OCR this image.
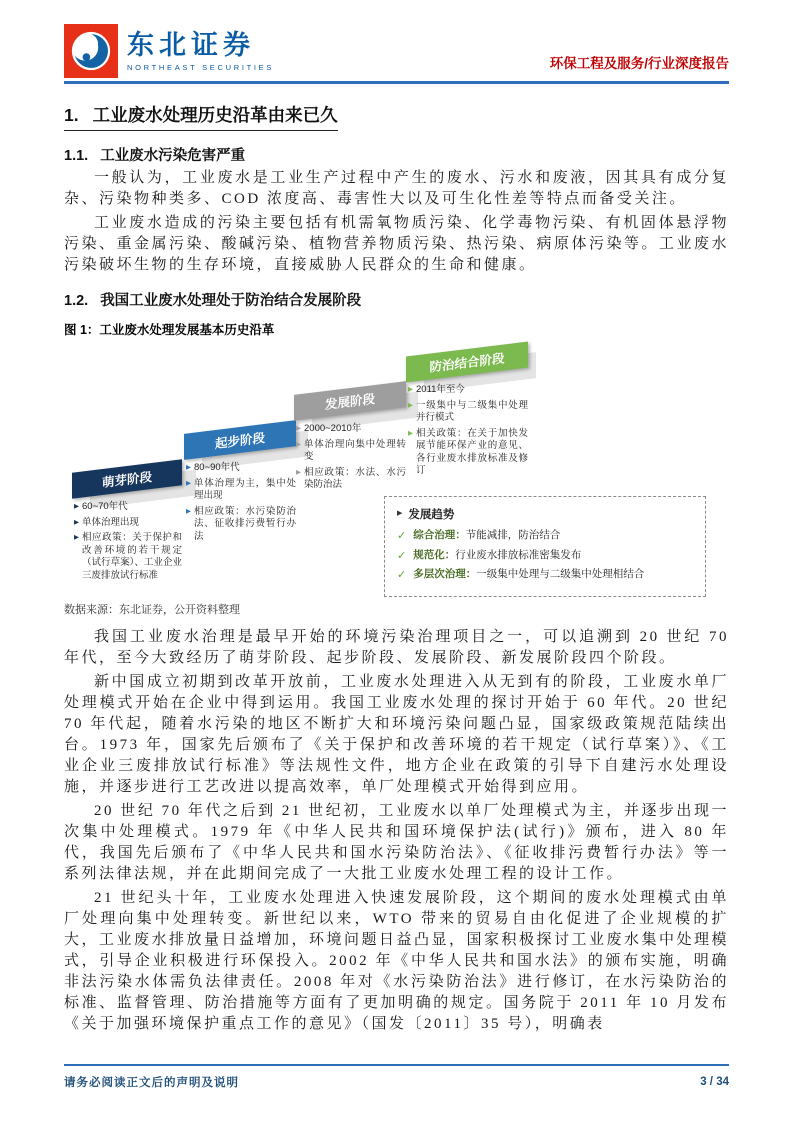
东北证券
NORTHEAST SECURITIES	环保工程及服务/行业深度报告
1. 工业废水处理历史沿革由来已久
1.1. 工业废水污染危害严重

一般认为，工业废水是工业生产过程中产生的废水、污水和废液，因其具有成分复杂、污染物种类多、COD 浓度高、毒害性大以及可生化性差等特点而备受关注。

工业废水造成的污染主要包括有机需氧物质污染、化学毒物污染、有机固体悬浮物污染、重金属污染、酸碱污染、植物营养物质污染、热污染、病原体污染等。工业废水污染破坏生物的生存环境，直接威胁人民群众的生命和健康。

1.2. 我国工业废水处理处于防治结合发展阶段
图 1：工业废水处理发展基本历史沿革
萌芽阶段
▶ 60~70年代
▶ 单体治理出现
▶ 相应政策：关于保护和改善环境的若干规定（试行草案）、工业企业三废排放试行标准
起步阶段
▶ 80~90年代
▶ 单体治理为主，集中处理出现
▶ 相应政策：水污染防治法、征收排污费暂行办法
发展阶段
▶ 2000~2010年
▶ 单体治理向集中处理转变
▶ 相应政策：水法、水污染防治法
防治结合阶段
▶ 2011年至今
▶ 一级集中与二级集中处理并行模式
▶ 相关政策：在关于加快发展节能环保产业的意见、各行业废水排放标准及修订
▶ 发展趋势
✓ 综合治理：节能减排，防治结合
✓ 规范化：行业废水排放标准密集发布
✓ 多层次治理：一级集中处理与二级集中处理相结合
数据来源：东北证券，公开资料整理

我国工业废水治理是最早开始的环境污染治理项目之一，可以追溯到 20 世纪 70 年代，至今大致经历了萌芽阶段、起步阶段、发展阶段、新发展阶段四个阶段。

新中国成立初期到改革开放前，工业废水处理进入从无到有的阶段，工业废水单厂处理模式开始在企业中得到运用。我国工业废水处理的探讨开始于 60 年代。20 世纪 70 年代起，随着水污染的地区不断扩大和环境污染问题凸显，国家级政策规范陆续出台。1973 年，国家先后颁布了《关于保护和改善环境的若干规定（试行草案）》、《工业企业三废排放试行标准》等法规性文件，地方企业在政策的引导下自建污水处理设施，并逐步进行工艺改进以提高效率，单厂处理模式开始得到应用。

20 世纪 70 年代之后到 21 世纪初，工业废水以单厂处理模式为主，并逐步出现一次集中处理模式。1979 年《中华人民共和国环境保护法(试行)》颁布，进入 80 年代，我国先后颁布了《中华人民共和国水污染防治法》、《征收排污费暂行办法》等一系列法律法规，并在此期间完成了一大批工业废水处理工程的设计工作。

21 世纪头十年，工业废水处理进入快速发展阶段，这个期间的废水处理模式由单厂处理向集中处理转变。新世纪以来，WTO 带来的贸易自由化促进了企业规模的扩大，工业废水排放量日益增加，环境问题日益凸显，国家积极探讨工业废水集中处理模式，引导企业积极进行环保投入。2002 年《中华人民共和国水法》的颁布实施，明确非法污染水体需负法律责任。2008 年对《水污染防治法》进行修订，在水污染防治的标准、监督管理、防治措施等方面有了更加明确的规定。国务院于 2011 年 10 月发布《关于加强环境保护重点工作的意见》（国发〔2011〕35 号），明确表

请务必阅读正文后的声明及说明	3 / 34
